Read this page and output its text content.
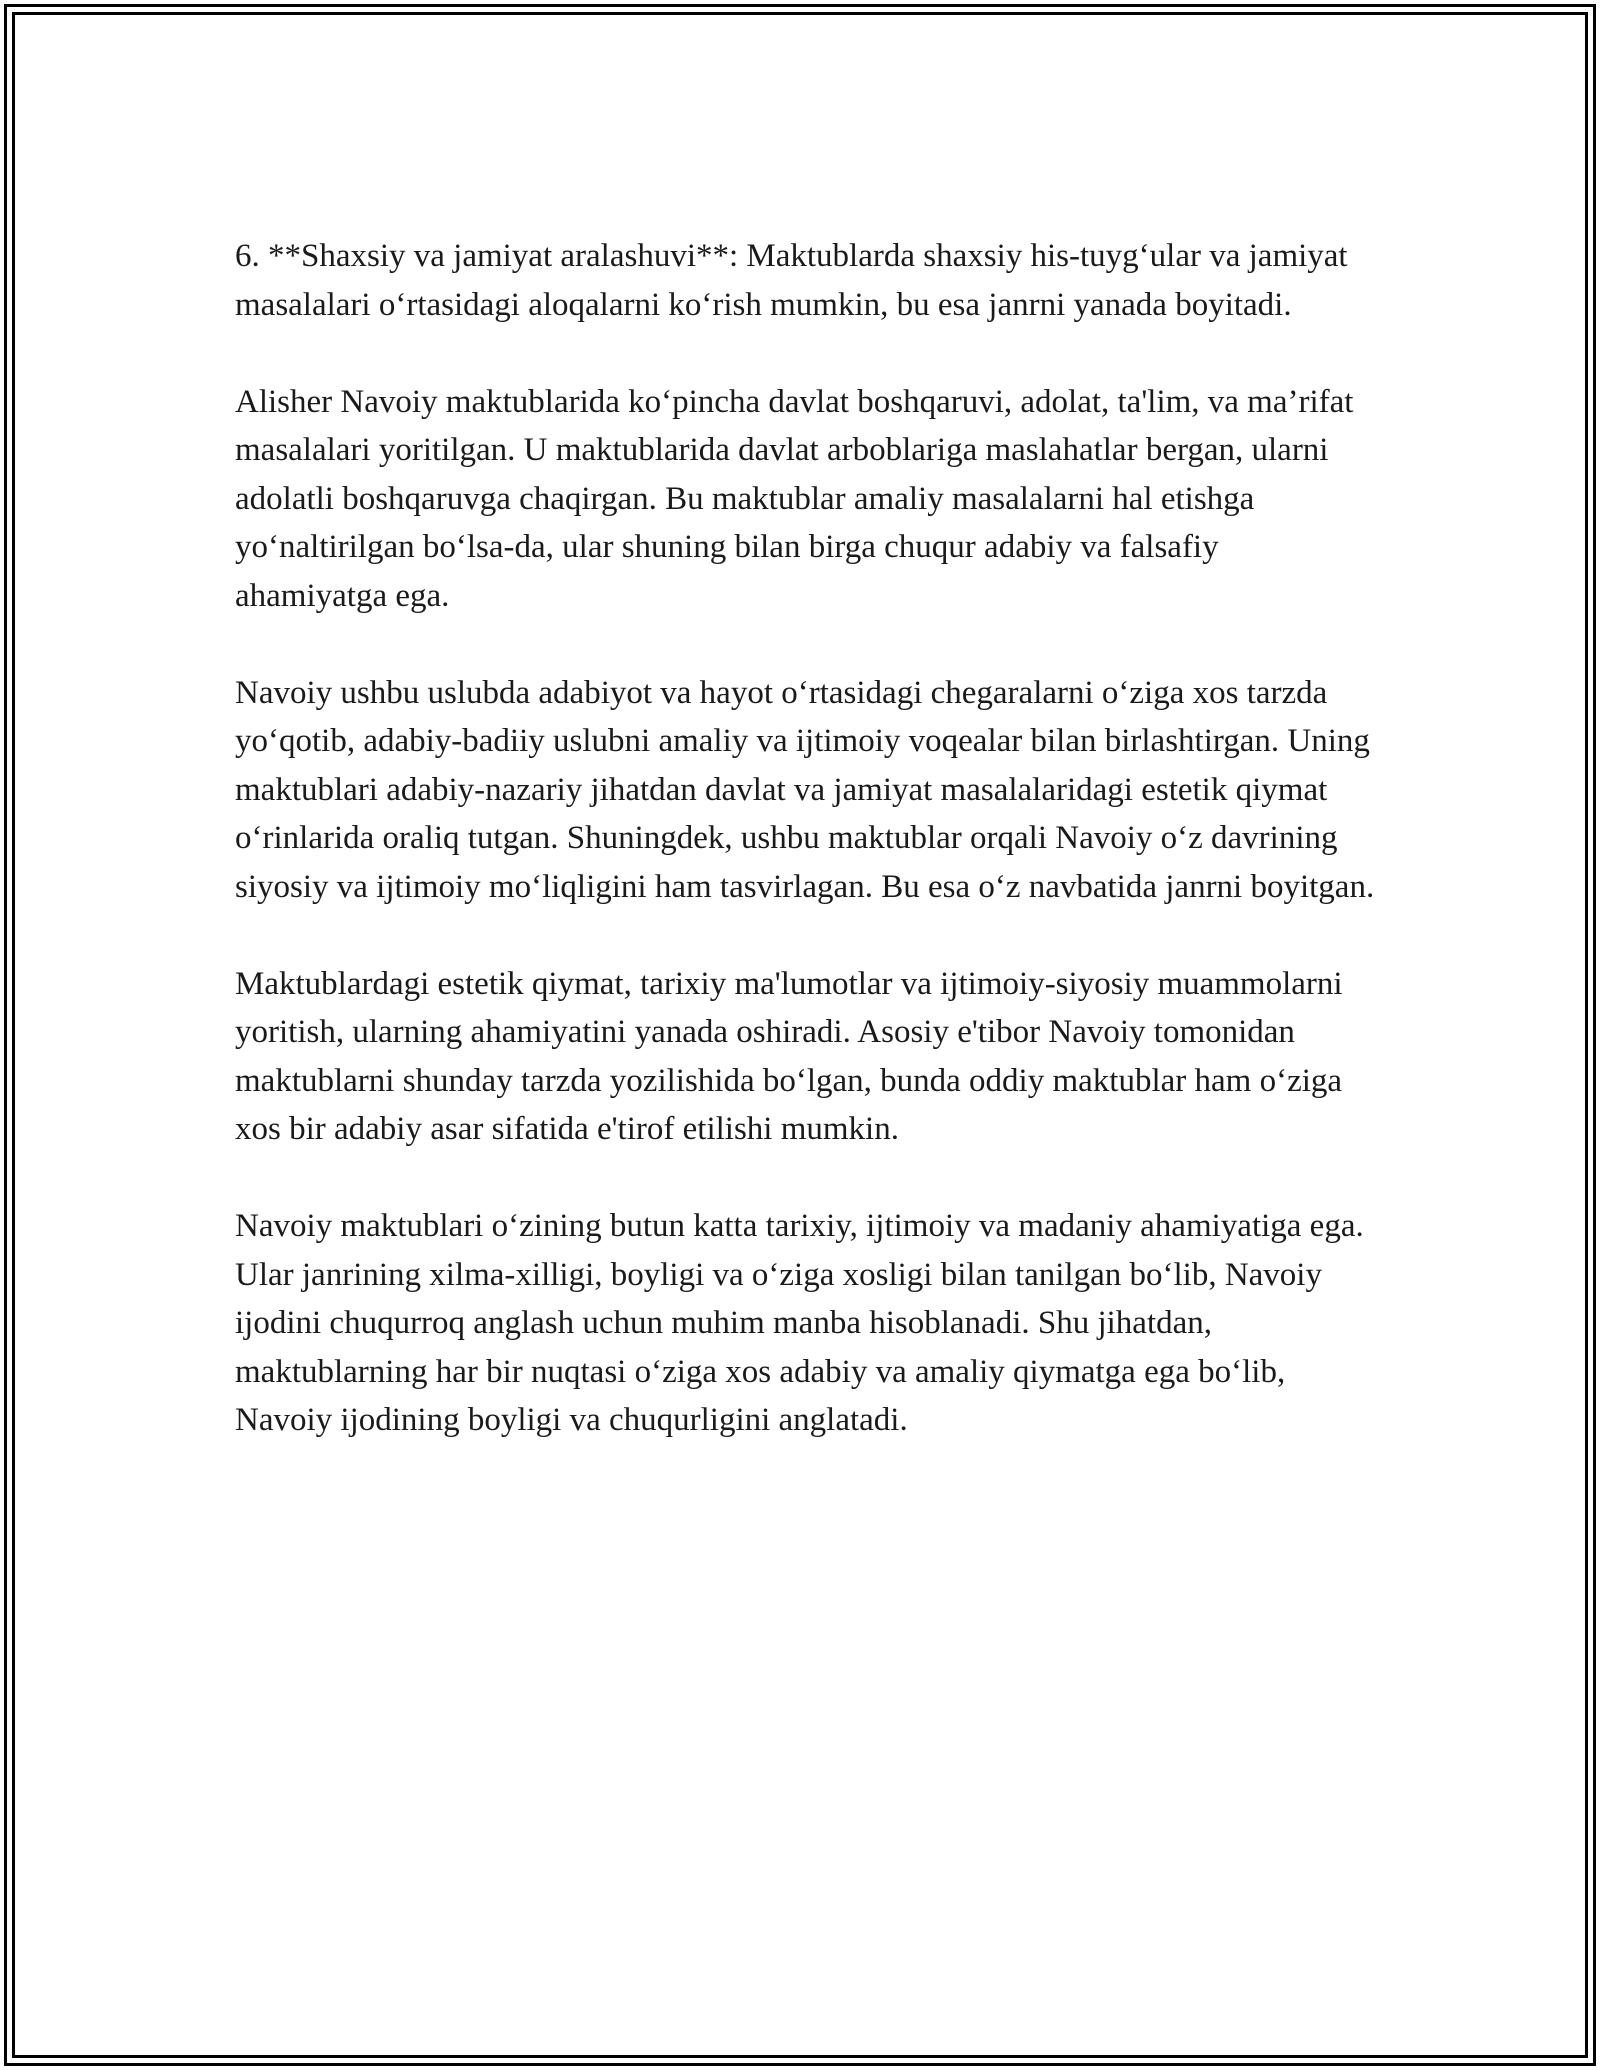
6. **Shaxsiy va jamiyat aralashuvi**: Maktublarda shaxsiy his-tuyg‘ular va jamiyat masalalari o‘rtasidagi aloqalarni ko‘rish mumkin, bu esa janrni yanada boyitadi.

Alisher Navoiy maktublarida ko‘pincha davlat boshqaruvi, adolat, ta'lim, va ma’rifat masalalari yoritilgan. U maktublarida davlat arboblariga maslahatlar bergan, ularni adolatli boshqaruvga chaqirgan. Bu maktublar amaliy masalalarni hal etishga yo‘naltirilgan bo‘lsa-da, ular shuning bilan birga chuqur adabiy va falsafiy ahamiyatga ega.

Navoiy ushbu uslubda adabiyot va hayot o‘rtasidagi chegaralarni o‘ziga xos tarzda yo‘qotib, adabiy-badiiy uslubni amaliy va ijtimoiy voqealar bilan birlashtirgan. Uning maktublari adabiy-nazariy jihatdan davlat va jamiyat masalalaridagi estetik qiymat o‘rinlarida oraliq tutgan. Shuningdek, ushbu maktublar orqali Navoiy o‘z davrining siyosiy va ijtimoiy mo‘liqligini ham tasvirlagan. Bu esa o‘z navbatida janrni boyitgan.

Maktublardagi estetik qiymat, tarixiy ma'lumotlar va ijtimoiy-siyosiy muammolarni yoritish, ularning ahamiyatini yanada oshiradi. Asosiy e'tibor Navoiy tomonidan maktublarni shunday tarzda yozilishida bo‘lgan, bunda oddiy maktublar ham o‘ziga xos bir adabiy asar sifatida e'tirof etilishi mumkin.

Navoiy maktublari o‘zining butun katta tarixiy, ijtimoiy va madaniy ahamiyatiga ega. Ular janrining xilma-xilligi, boyligi va o‘ziga xosligi bilan tanilgan bo‘lib, Navoiy ijodini chuqurroq anglash uchun muhim manba hisoblanadi. Shu jihatdan, maktublarning har bir nuqtasi o‘ziga xos adabiy va amaliy qiymatga ega bo‘lib, Navoiy ijodining boyligi va chuqurligini anglatadi.
